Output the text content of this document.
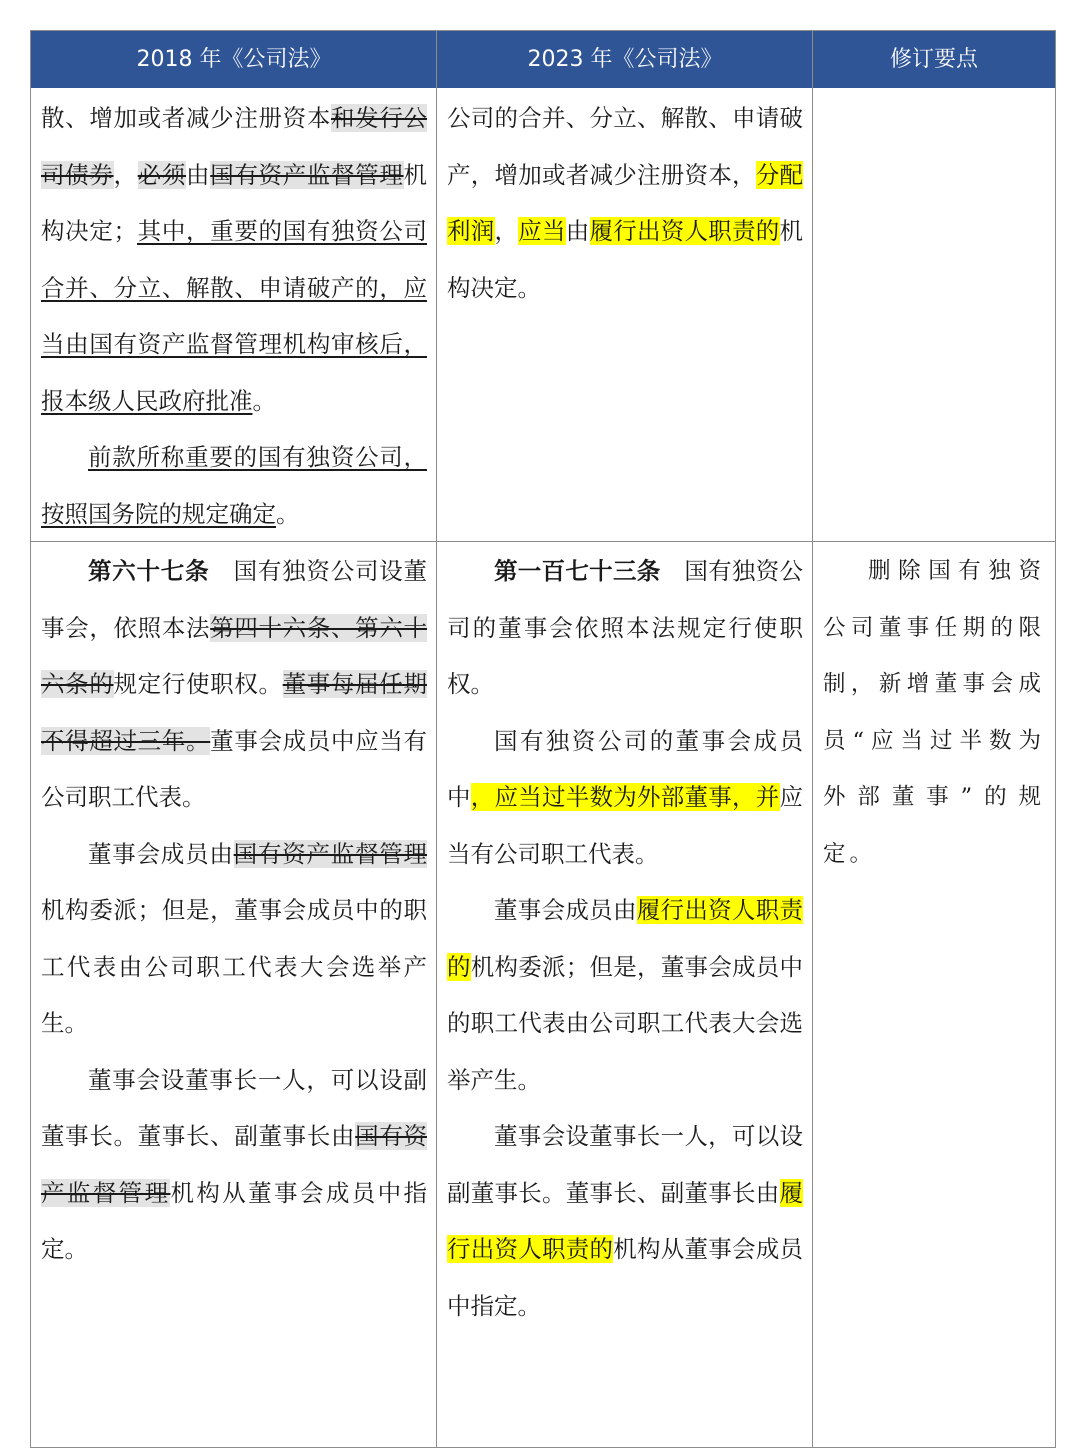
2018 年《公司法》	2023 年《公司法》	修订要点

散、增加或者减少注册资本和发行公司债券，必须由国有资产监督管理机构决定；其中，重要的国有独资公司合并、分立、解散、申请破产的，应当由国有资产监督管理机构审核后，报本级人民政府批准。

前款所称重要的国有独资公司，按照国务院的规定确定。

公司的合并、分立、解散、申请破产，增加或者减少注册资本，分配利润，应当由履行出资人职责的机构决定。

第六十七条　国有独资公司设董事会，依照本法第四十六条、第六十六条的规定行使职权。董事每届任期不得超过三年。董事会成员中应当有公司职工代表。

董事会成员由国有资产监督管理机构委派；但是，董事会成员中的职工代表由公司职工代表大会选举产生。

董事会设董事长一人，可以设副董事长。董事长、副董事长由国有资产监督管理机构从董事会成员中指定。

第一百七十三条　国有独资公司的董事会依照本法规定行使职权。

国有独资公司的董事会成员中，应当过半数为外部董事，并应当有公司职工代表。

董事会成员由履行出资人职责的机构委派；但是，董事会成员中的职工代表由公司职工代表大会选举产生。

董事会设董事长一人，可以设副董事长。董事长、副董事长由履行出资人职责的机构从董事会成员中指定。

删除国有独资公司董事任期的限制，新增董事会成员“应当过半数为外部董事”的规定。
